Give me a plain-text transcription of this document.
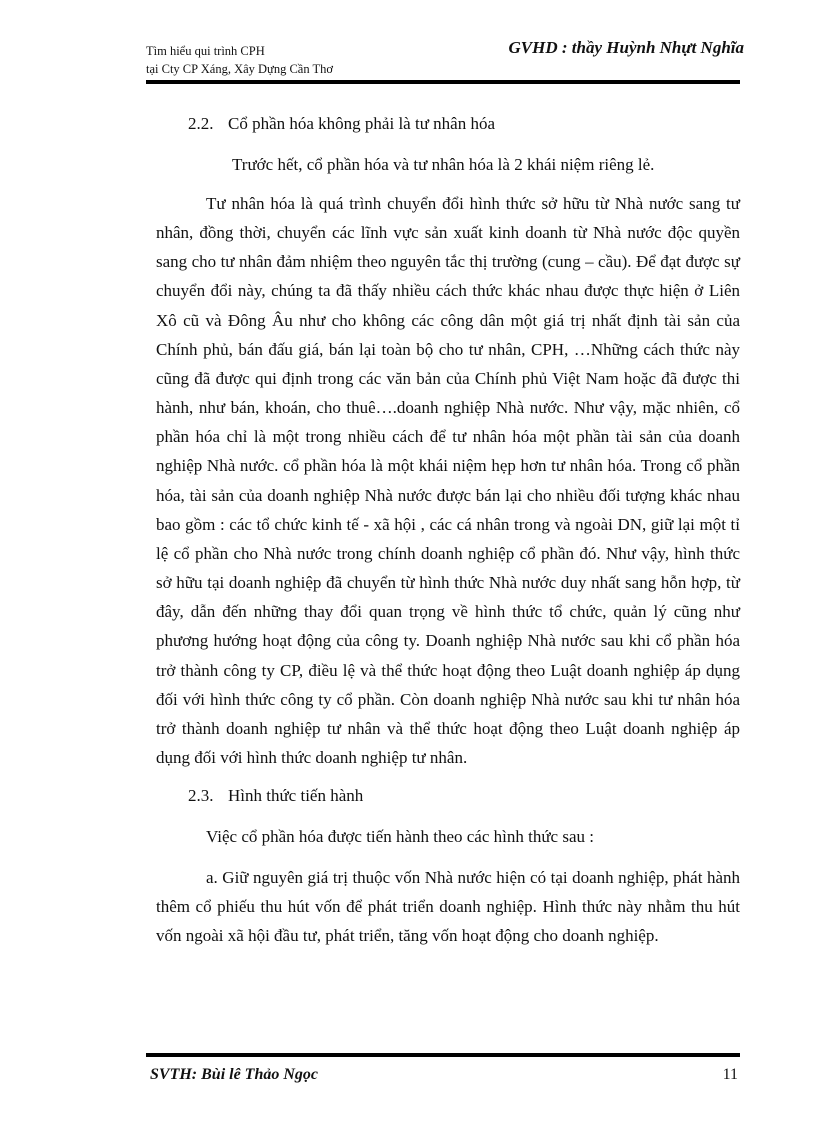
Tìm hiểu qui trình CPH
tại Cty CP Xáng, Xây Dựng Cần Thơ
GVHD : thầy Huỳnh Nhựt Nghĩa
2.2. Cổ phần hóa không phải là tư nhân hóa

Trước hết, cổ phần hóa và tư nhân hóa là 2 khái niệm riêng lẻ.

Tư nhân hóa là quá trình chuyển đổi hình thức sở hữu từ Nhà nước sang tư nhân, đồng thời, chuyển các lĩnh vực sản xuất kinh doanh từ Nhà nước độc quyền sang cho tư nhân đảm nhiệm theo nguyên tắc thị trường (cung – cầu). Để đạt được sự chuyển đổi này, chúng ta đã thấy nhiều cách thức khác nhau được thực hiện ở Liên Xô cũ và Đông Âu như cho không các công dân một giá trị nhất định tài sản của Chính phủ, bán đấu giá, bán lại toàn bộ cho tư nhân, CPH, …Những cách thức này cũng đã được qui định trong các văn bản của Chính phủ Việt Nam hoặc đã được thi hành, như bán, khoán, cho thuê….doanh nghiệp Nhà nước. Như vậy, mặc nhiên, cổ phần hóa chỉ là một trong nhiều cách để tư nhân hóa một phần tài sản của doanh nghiệp Nhà nước. cổ phần hóa là một khái niệm hẹp hơn tư nhân hóa. Trong cổ phần hóa, tài sản của doanh nghiệp Nhà nước được bán lại cho nhiều đối tượng khác nhau bao gồm : các tổ chức kinh tế - xã hội , các cá nhân trong và ngoài DN, giữ lại một tỉ lệ cổ phần cho Nhà nước trong chính doanh nghiệp cổ phần đó. Như vậy, hình thức sở hữu tại doanh nghiệp đã chuyển từ hình thức Nhà nước duy nhất sang hỗn hợp, từ đây, dẫn đến những thay đổi quan trọng về hình thức tổ chức, quản lý cũng như phương hướng hoạt động của công ty. Doanh nghiệp Nhà nước sau khi cổ phần hóa trở thành công ty CP, điều lệ và thể thức hoạt động theo Luật doanh nghiệp áp dụng đối với hình thức công ty cổ phần. Còn doanh nghiệp Nhà nước sau khi tư nhân hóa trở thành doanh nghiệp tư nhân và thể thức hoạt động theo Luật doanh nghiệp áp dụng đối với hình thức doanh nghiệp tư nhân.

2.3. Hình thức tiến hành

Việc cổ phần hóa được tiến hành theo các hình thức sau :

a. Giữ nguyên giá trị thuộc vốn Nhà nước hiện có tại doanh nghiệp, phát hành thêm cổ phiếu thu hút vốn để phát triển doanh nghiệp. Hình thức này nhằm thu hút vốn ngoài xã hội đầu tư, phát triển, tăng vốn hoạt động cho doanh nghiệp.

SVTH: Bùi lê Thảo Ngọc	11
